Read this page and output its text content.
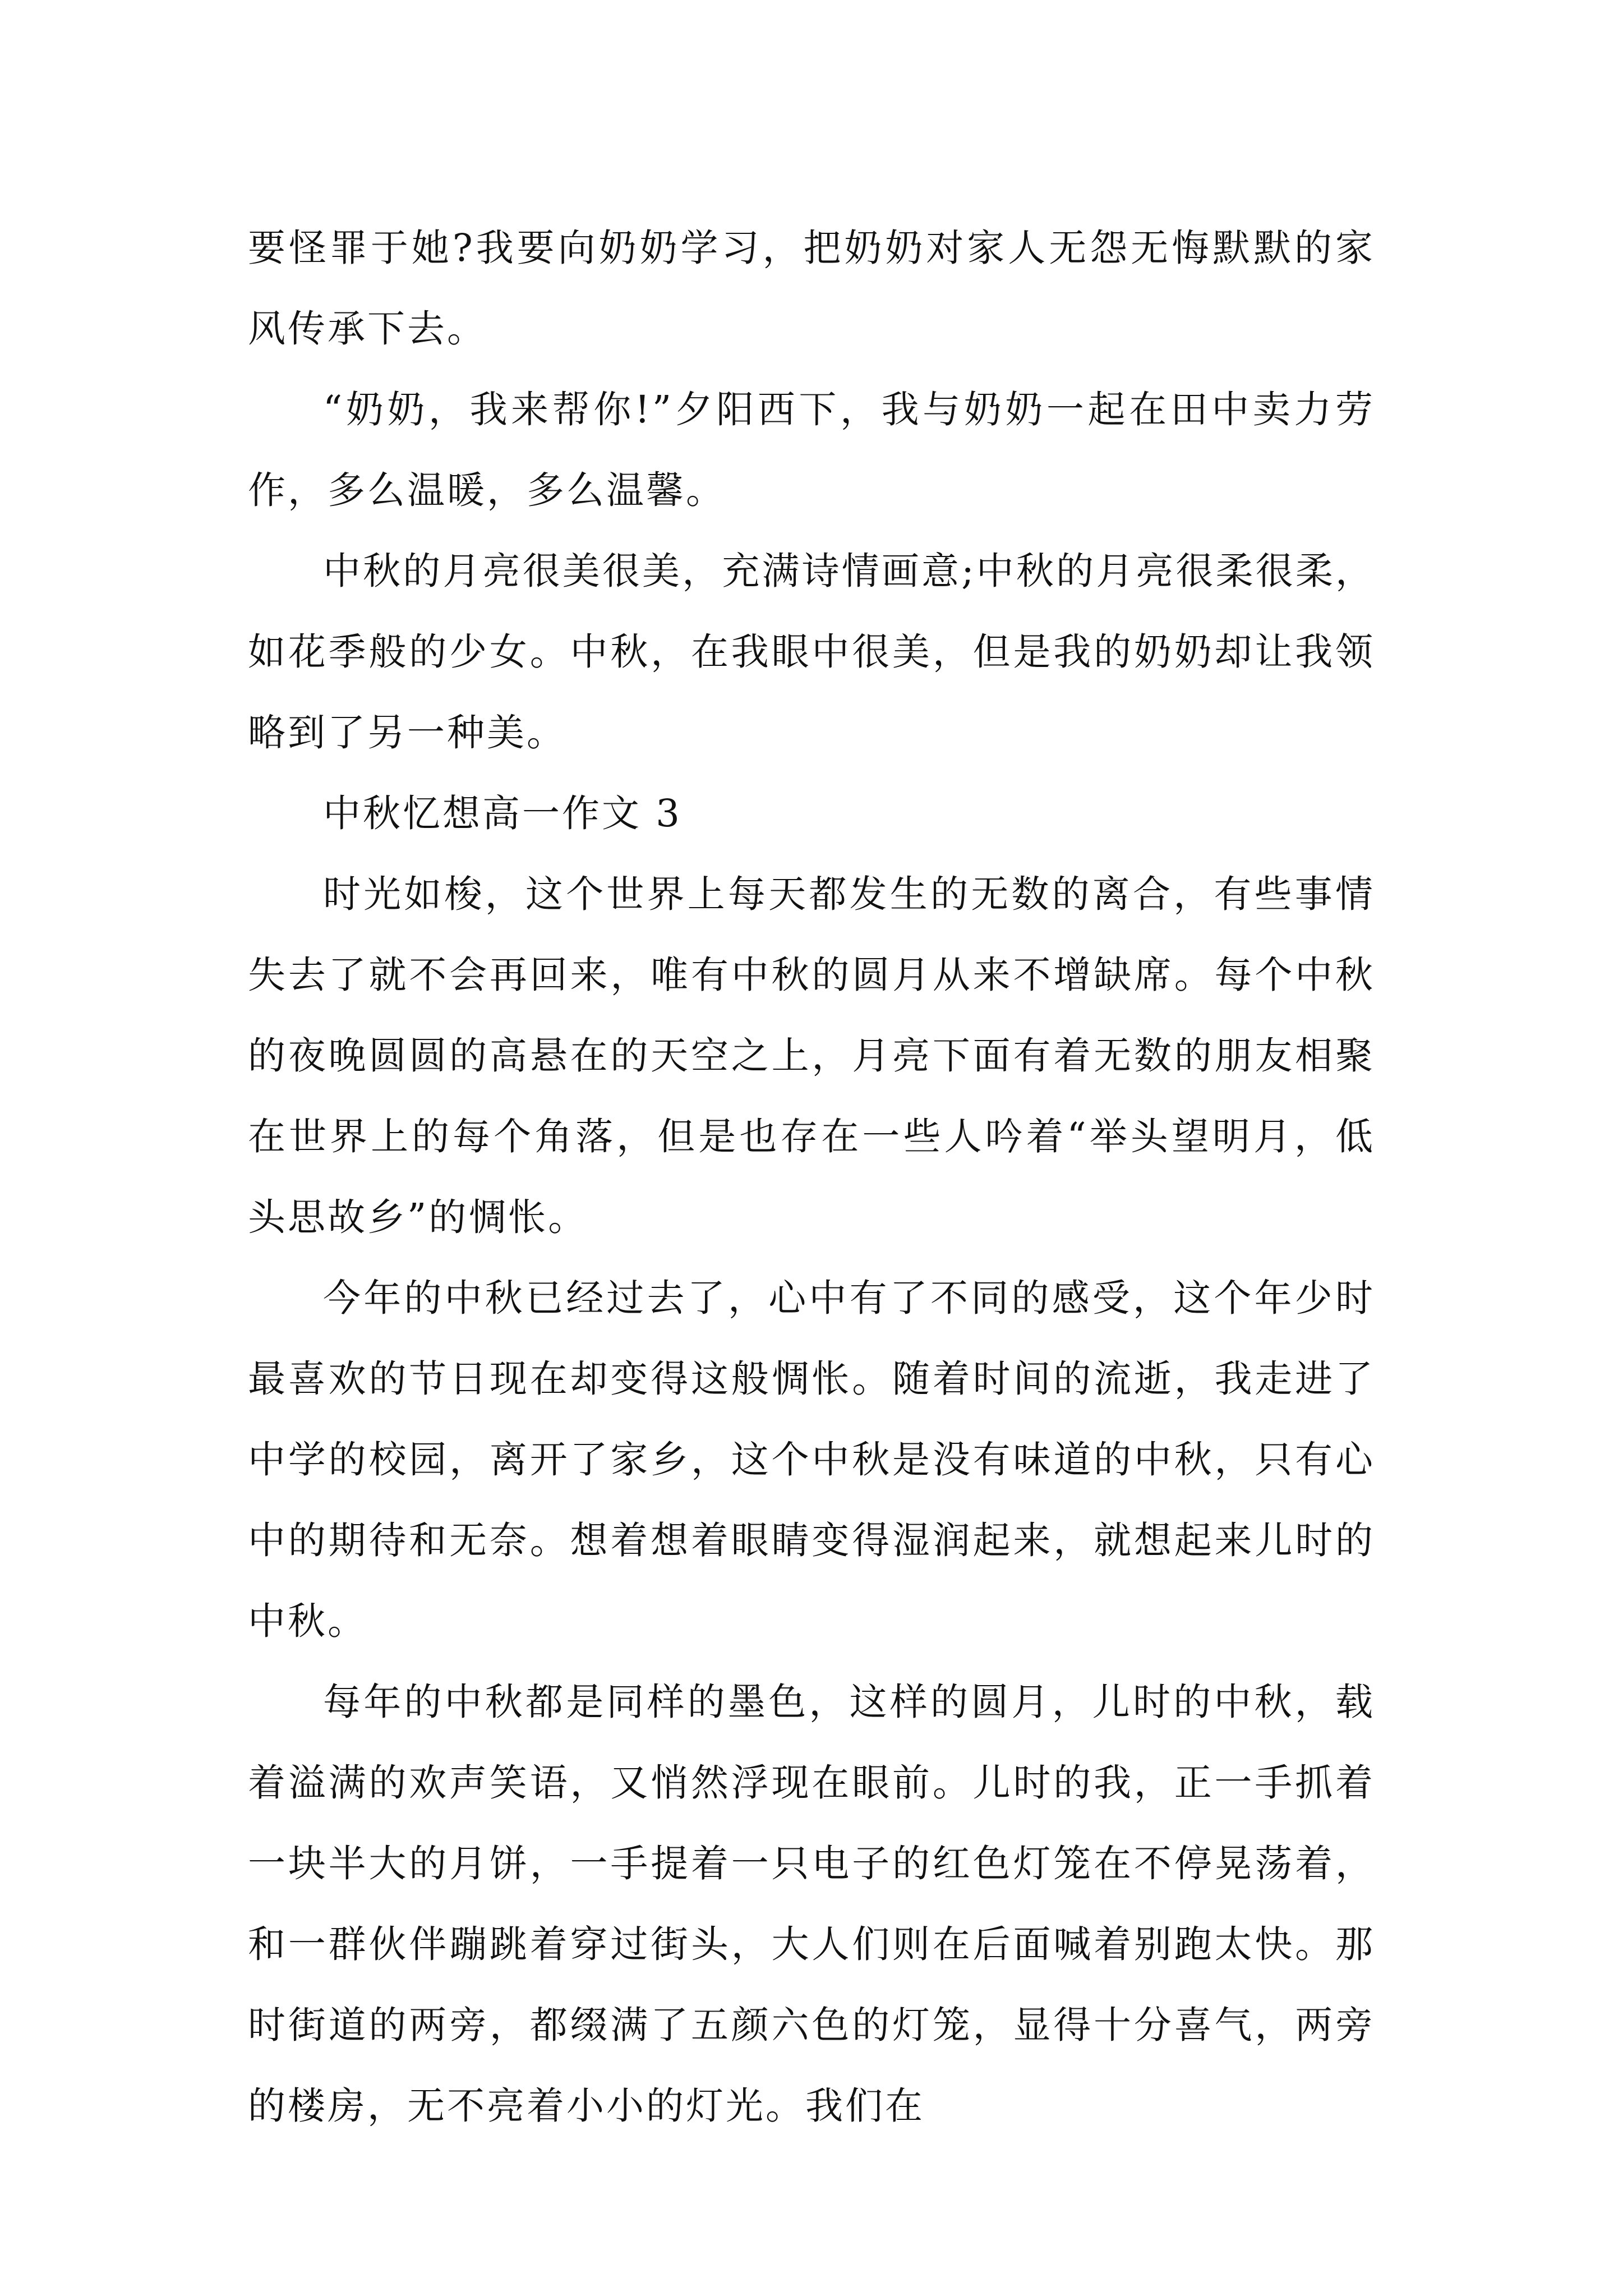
要怪罪于她?我要向奶奶学习，把奶奶对家人无怨无悔默默的家风传承下去。

“奶奶，我来帮你!”夕阳西下，我与奶奶一起在田中卖力劳作，多么温暖，多么温馨。

中秋的月亮很美很美，充满诗情画意;中秋的月亮很柔很柔，如花季般的少女。中秋，在我眼中很美，但是我的奶奶却让我领略到了另一种美。

中秋忆想高一作文 3

时光如梭，这个世界上每天都发生的无数的离合，有些事情失去了就不会再回来，唯有中秋的圆月从来不增缺席。每个中秋的夜晚圆圆的高悬在的天空之上，月亮下面有着无数的朋友相聚在世界上的每个角落，但是也存在一些人吟着“举头望明月，低头思故乡”的惆怅。

今年的中秋已经过去了，心中有了不同的感受，这个年少时最喜欢的节日现在却变得这般惆怅。随着时间的流逝，我走进了中学的校园，离开了家乡，这个中秋是没有味道的中秋，只有心中的期待和无奈。想着想着眼睛变得湿润起来，就想起来儿时的中秋。

每年的中秋都是同样的墨色，这样的圆月，儿时的中秋，载着溢满的欢声笑语，又悄然浮现在眼前。儿时的我，正一手抓着一块半大的月饼，一手提着一只电子的红色灯笼在不停晃荡着，和一群伙伴蹦跳着穿过街头，大人们则在后面喊着别跑太快。那时街道的两旁，都缀满了五颜六色的灯笼，显得十分喜气，两旁的楼房，无不亮着小小的灯光。我们在
